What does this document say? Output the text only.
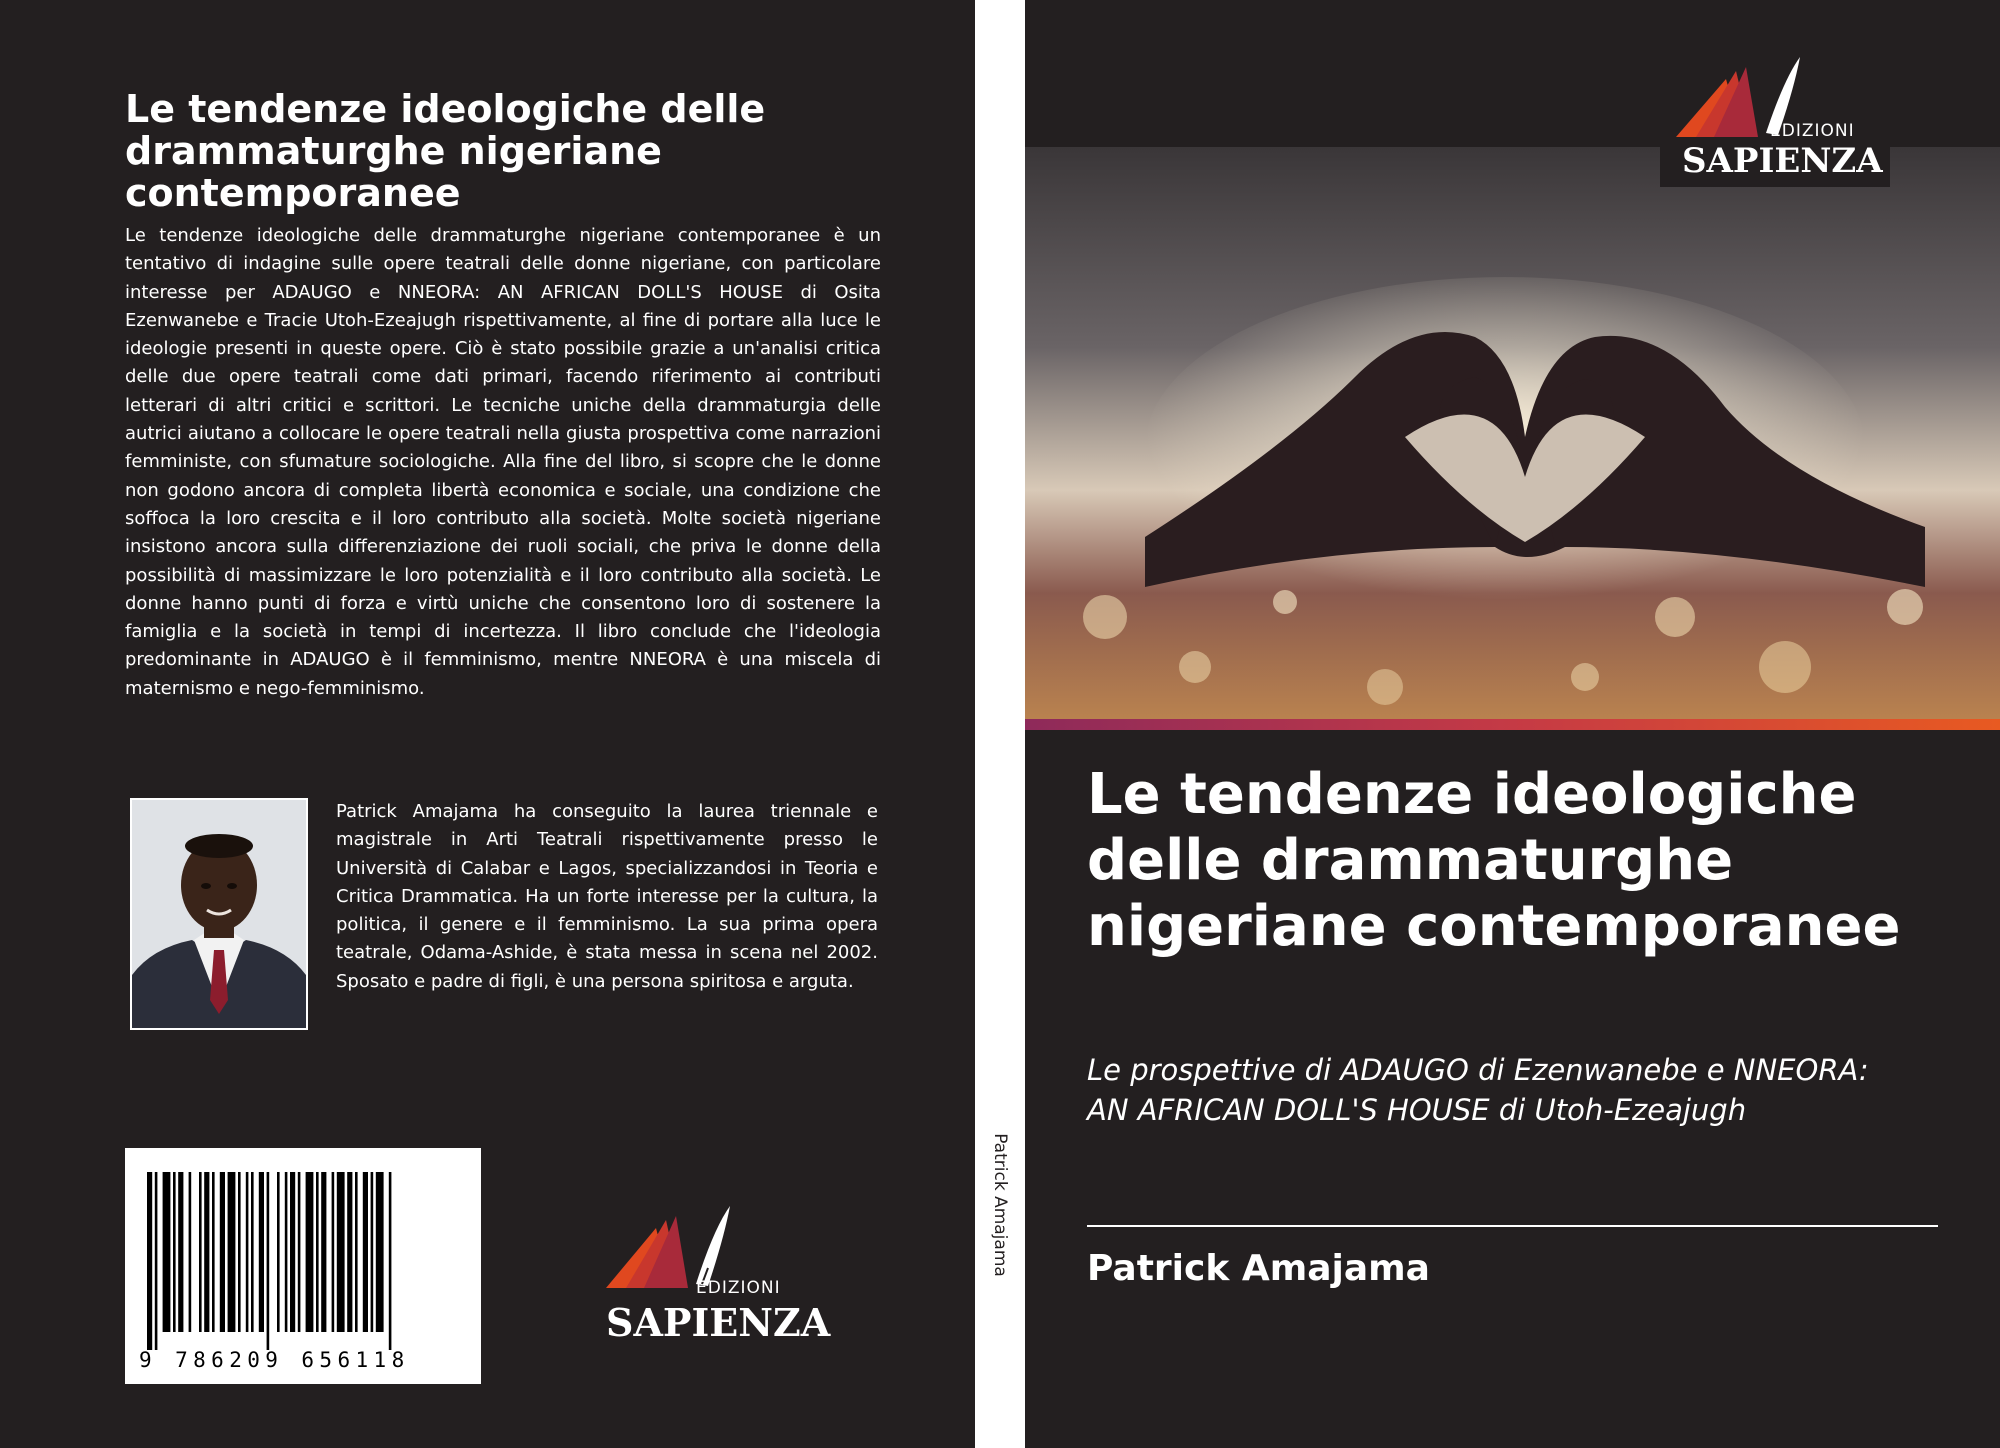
Le tendenze ideologiche delle drammaturghe nigeriane contemporanee

Le tendenze ideologiche delle drammaturghe nigeriane contemporanee è un tentativo di indagine sulle opere teatrali delle donne nigeriane, con particolare interesse per ADAUGO e NNEORA: AN AFRICAN DOLL'S HOUSE di Osita Ezenwanebe e Tracie Utoh-Ezeajugh rispettivamente, al fine di portare alla luce le ideologie presenti in queste opere. Ciò è stato possibile grazie a un'analisi critica delle due opere teatrali come dati primari, facendo riferimento ai contributi letterari di altri critici e scrittori. Le tecniche uniche della drammaturgia delle autrici aiutano a collocare le opere teatrali nella giusta prospettiva come narrazioni femministe, con sfumature sociologiche. Alla fine del libro, si scopre che le donne non godono ancora di completa libertà economica e sociale, una condizione che soffoca la loro crescita e il loro contributo alla società. Molte società nigeriane insistono ancora sulla differenziazione dei ruoli sociali, che priva le donne della possibilità di massimizzare le loro potenzialità e il loro contributo alla società. Le donne hanno punti di forza e virtù uniche che consentono loro di sostenere la famiglia e la società in tempi di incertezza. Il libro conclude che l'ideologia predominante in ADAUGO è il femminismo, mentre NNEORA è una miscela di maternismo e nego-femminismo.

Patrick Amajama ha conseguito la laurea triennale e magistrale in Arti Teatrali rispettivamente presso le Università di Calabar e Lagos, specializzandosi in Teoria e Critica Drammatica. Ha un forte interesse per la cultura, la politica, il genere e il femminismo. La sua prima opera teatrale, Odama-Ashide, è stata messa in scena nel 2002. Sposato e padre di figli, è una persona spiritosa e arguta.

9 786209 656118
EDIZIONI
SAPIENZA
Patrick Amajama
EDIZIONI
SAPIENZA
Le tendenze ideologiche delle drammaturghe nigeriane contemporanee

Le prospettive di ADAUGO di Ezenwanebe e NNEORA: AN AFRICAN DOLL'S HOUSE di Utoh-Ezeajugh

Patrick Amajama
